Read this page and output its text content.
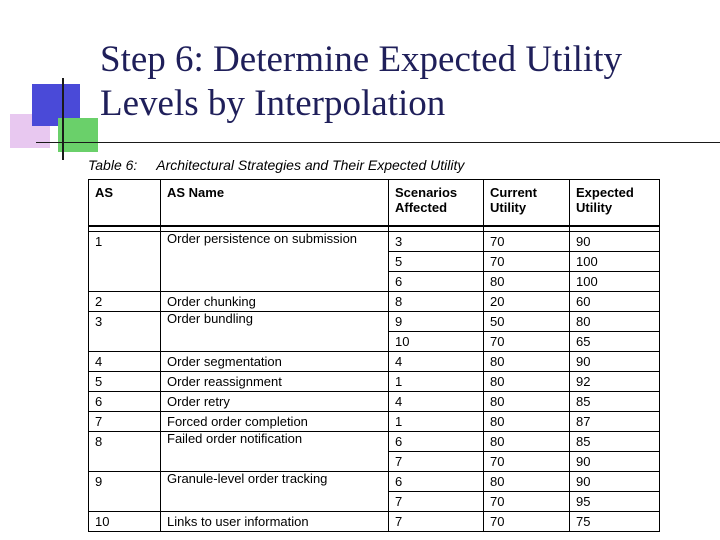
Step 6: Determine Expected Utility
Levels by Interpolation
Table 6:     Architectural Strategies and Their Expected Utility
AS	AS Name	Scenarios Affected	Current Utility	Expected Utility

1	Order persistence on submission	3	70	90
		5	70	100
		6	80	100
2	Order chunking	8	20	60
3	Order bundling	9	50	80
		10	70	65
4	Order segmentation	4	80	90
5	Order reassignment	1	80	92
6	Order retry	4	80	85
7	Forced order completion	1	80	87
8	Failed order notification	6	80	85
		7	70	90
9	Granule-level order tracking	6	80	90
		7	70	95
10	Links to user information	7	70	75
